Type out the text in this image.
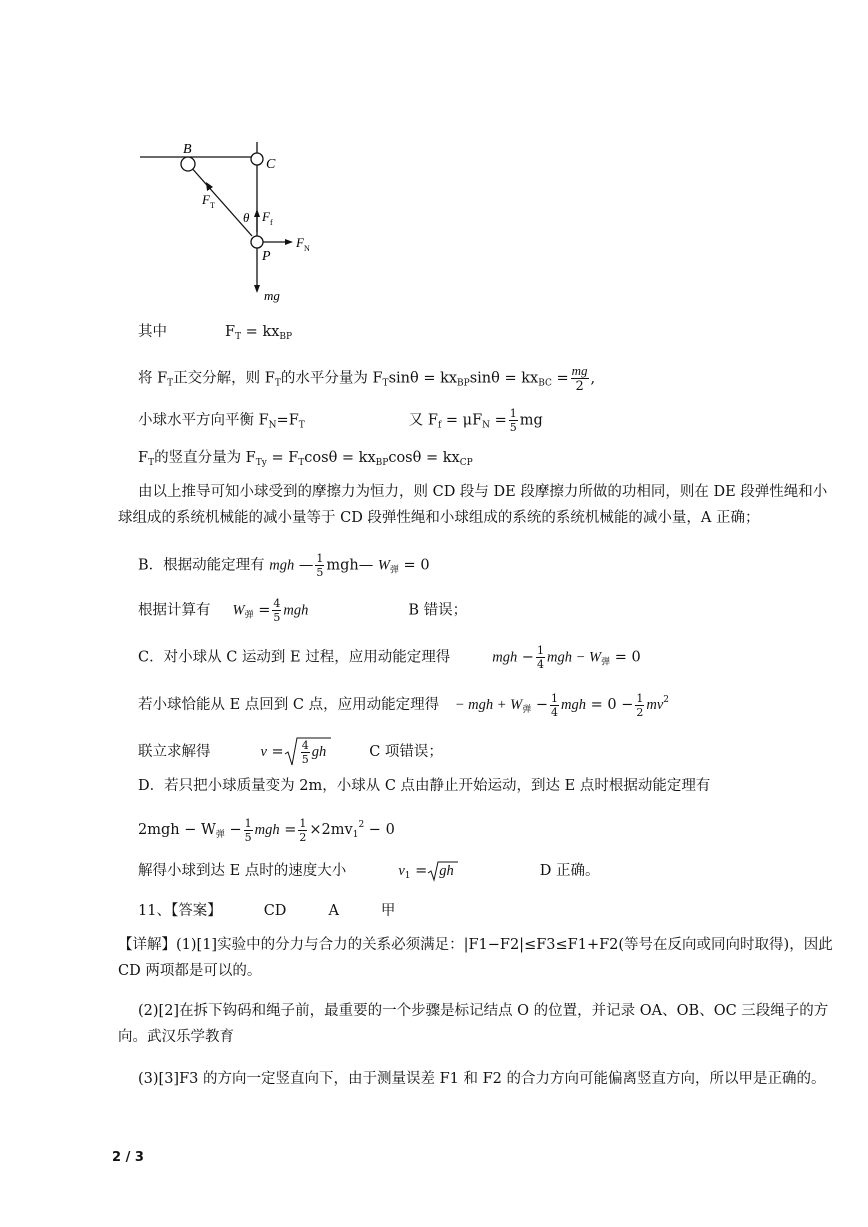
B
C
P
θ
$F_T$
$F_f$
$F_N$
mg
其中	$F_T = kx_{BP}$
将 $F_T$正交分解，则 $F_T$的水平分量为 $F_T\sin\theta = kx_{BP}\sin\theta = kx_{BC} = \frac{mg}{2}$ ,
小球水平方向平衡 $F_N=F_T$	又 $F_f = \mu F_N = \frac{1}{5}$ mg
$F_T$的竖直分量为 $F_{Ty} = F_T\cos\theta = kx_{BP}\cos\theta = kx_{CP}$
由以上推导可知小球受到的摩擦力为恒力，则 CD 段与 DE 段摩擦力所做的功相同，则在 DE 段弹性绳和小球组成的系统机械能的减小量等于 CD 段弹性绳和小球组成的系统的系统机械能的减小量，A 正确；
B．根据动能定理有 mgh — $\frac{1}{5}$ mgh— $W_弹 = 0$
根据计算有 $W_弹 = \frac{4}{5}$ mgh	B 错误；
C．对小球从 C 运动到 E 过程，应用动能定理得	mgh − $\frac{1}{4}$ mgh − $W_弹 = 0$
若小球恰能从 E 点回到 C 点，应用动能定理得 − mgh + $W_弹 - \frac{1}{4}$ mgh = $0 - \frac{1}{2} mv^2$
联立求解得	$v = \frac{4}{5}$ gh	C 项错误；
D．若只把小球质量变为 2m，小球从 C 点由静止开始运动，到达 E 点时根据动能定理有
$2mgh - W_弹 - \frac{1}{5}$ mgh = $\frac{1}{2} \times 2mv_1^2 - 0$
解得小球到达 E 点时的速度大小	$v_1$ = gh	D 正确。
11、【答案】	CD	A	甲
【详解】(1)[1]实验中的分力与合力的关系必须满足：|F1−F2|≤F3≤F1+F2(等号在反向或同向时取得)，因此 CD 两项都是可以的。
(2)[2]在拆下钩码和绳子前，最重要的一个步骤是标记结点 O 的位置，并记录 OA、OB、OC 三段绳子的方向。武汉乐学教育
(3)[3]F3 的方向一定竖直向下，由于测量误差 F1 和 F2 的合力方向可能偏离竖直方向，所以甲是正确的。
2 / 3
